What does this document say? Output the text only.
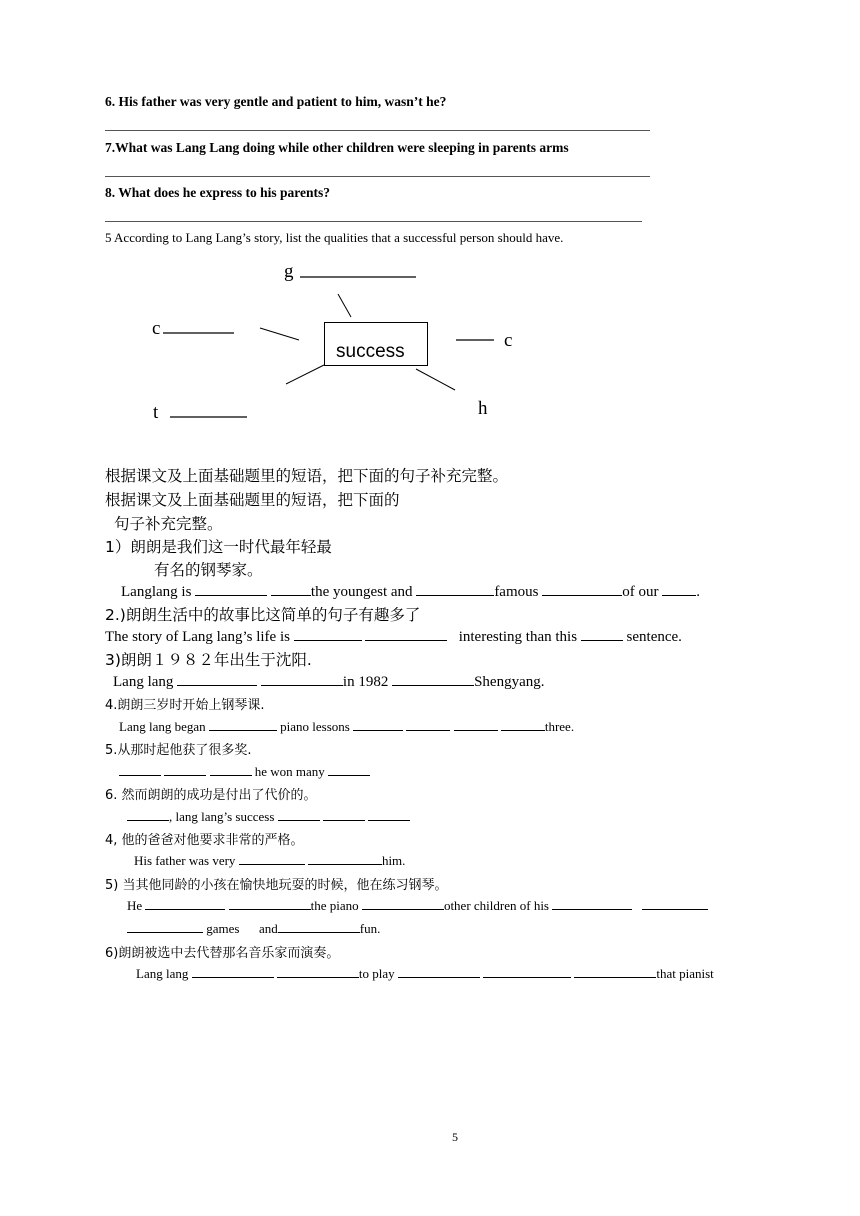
6. His father was very gentle and patient to him, wasn’t he?
7.What was Lang Lang doing while other children were sleeping in parents arms
8. What does he express to his parents?
5 According to Lang Lang’s story, list the qualities that a successful person should have.
success
g
c
c
t	h
根据课文及上面基础题里的短语，把下面的句子补充完整。
根据课文及上面基础题里的短语，把下面的
句子补充完整。
1）朗朗是我们这一时代最年轻最
有名的钢琴家。
Langlang is	the youngest and	famous	of our	.
2.)朗朗生活中的故事比这简单的句子有趣多了
The story of Lang lang’s life is	interesting than this	sentence.
3)朗朗１９８２年出生于沈阳.
Lang lang	in 1982	Shengyang.
4.朗朗三岁时开始上钢琴课.
Lang lang began	piano lessons	three.
5.从那时起他获了很多奖.
he won many
6. 然而朗朗的成功是付出了代价的。
, lang lang’s success
4, 他的爸爸对他要求非常的严格。
His father was very	him.
5) 当其他同龄的小孩在愉快地玩耍的时候，他在练习钢琴。
He	the piano	other children of his
games and	fun.
6)朗朗被选中去代替那名音乐家而演奏。
Lang lang	to play	that pianist
5
